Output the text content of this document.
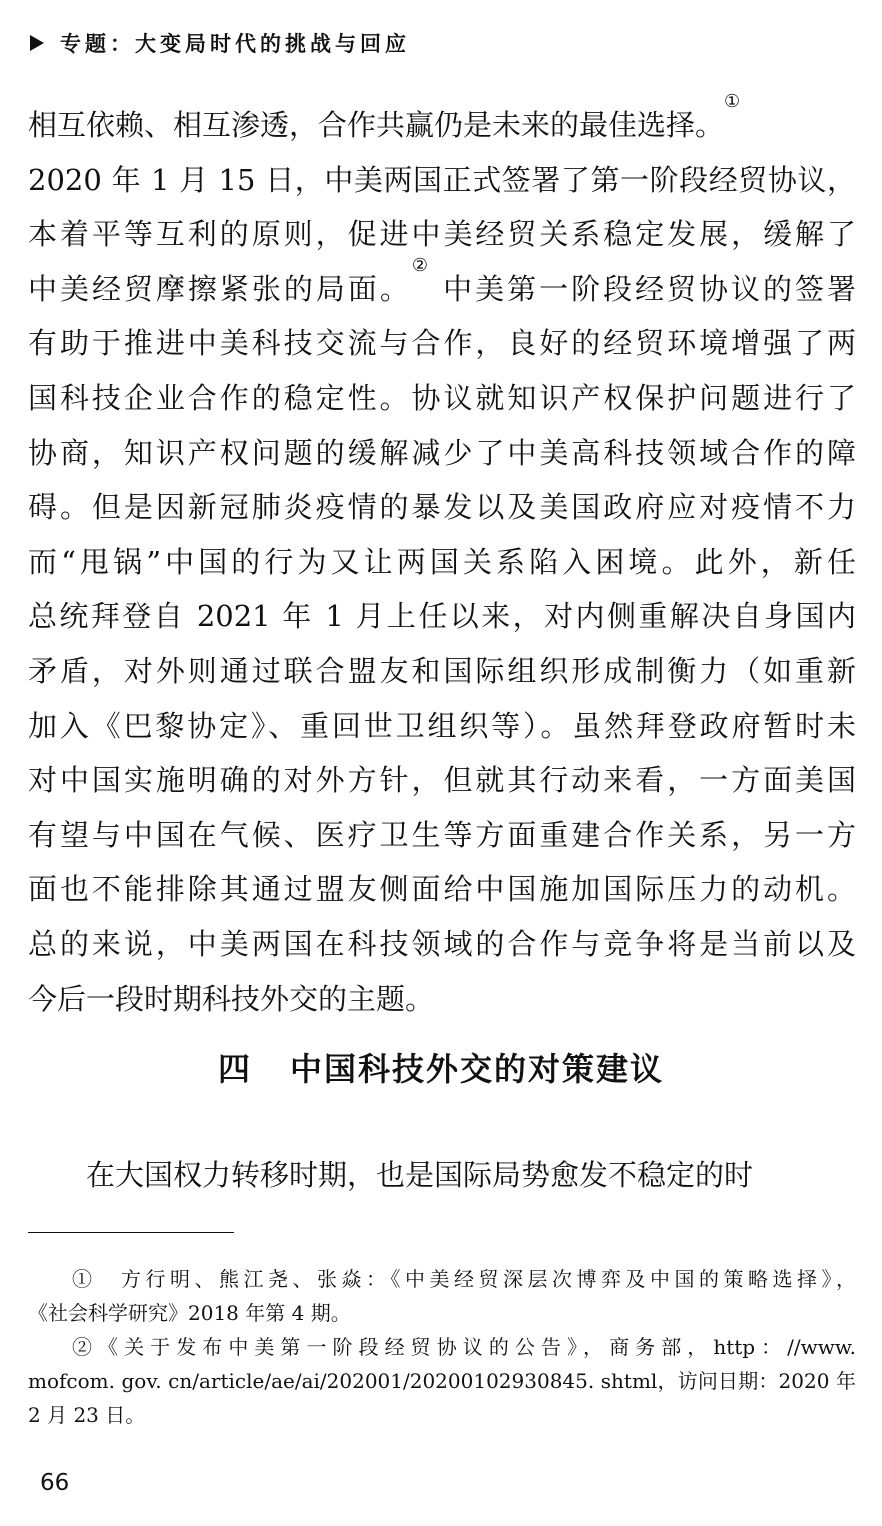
专题：大变局时代的挑战与回应
相互依赖、相互渗透，合作共赢仍是未来的最佳选择。①
2020 年 1 月 15 日，中美两国正式签署了第一阶段经贸协议，
本着平等互利的原则，促进中美经贸关系稳定发展，缓解了
中美经贸摩擦紧张的局面。② 中美第一阶段经贸协议的签署
有助于推进中美科技交流与合作，良好的经贸环境增强了两
国科技企业合作的稳定性。协议就知识产权保护问题进行了
协商，知识产权问题的缓解减少了中美高科技领域合作的障
碍。但是因新冠肺炎疫情的暴发以及美国政府应对疫情不力
而“甩锅”中国的行为又让两国关系陷入困境。此外，新任
总统拜登自 2021 年 1 月上任以来，对内侧重解决自身国内
矛盾，对外则通过联合盟友和国际组织形成制衡力（如重新
加入《巴黎协定》、重回世卫组织等）。虽然拜登政府暂时未
对中国实施明确的对外方针，但就其行动来看，一方面美国
有望与中国在气候、医疗卫生等方面重建合作关系，另一方
面也不能排除其通过盟友侧面给中国施加国际压力的动机。
总的来说，中美两国在科技领域的合作与竞争将是当前以及
今后一段时期科技外交的主题。
四 中国科技外交的对策建议

在大国权力转移时期，也是国际局势愈发不稳定的时

①　方行明、熊江尧、张焱：《中美经贸深层次博弈及中国的策略选择》，
《社会科学研究》2018 年第 4 期。
②《关于发布中美第一阶段经贸协议的公告》，商务部，http：//www.
mofcom. gov. cn/article/ae/ai/202001/20200102930845. shtml，访问日期：2020 年
2 月 23 日。
66
